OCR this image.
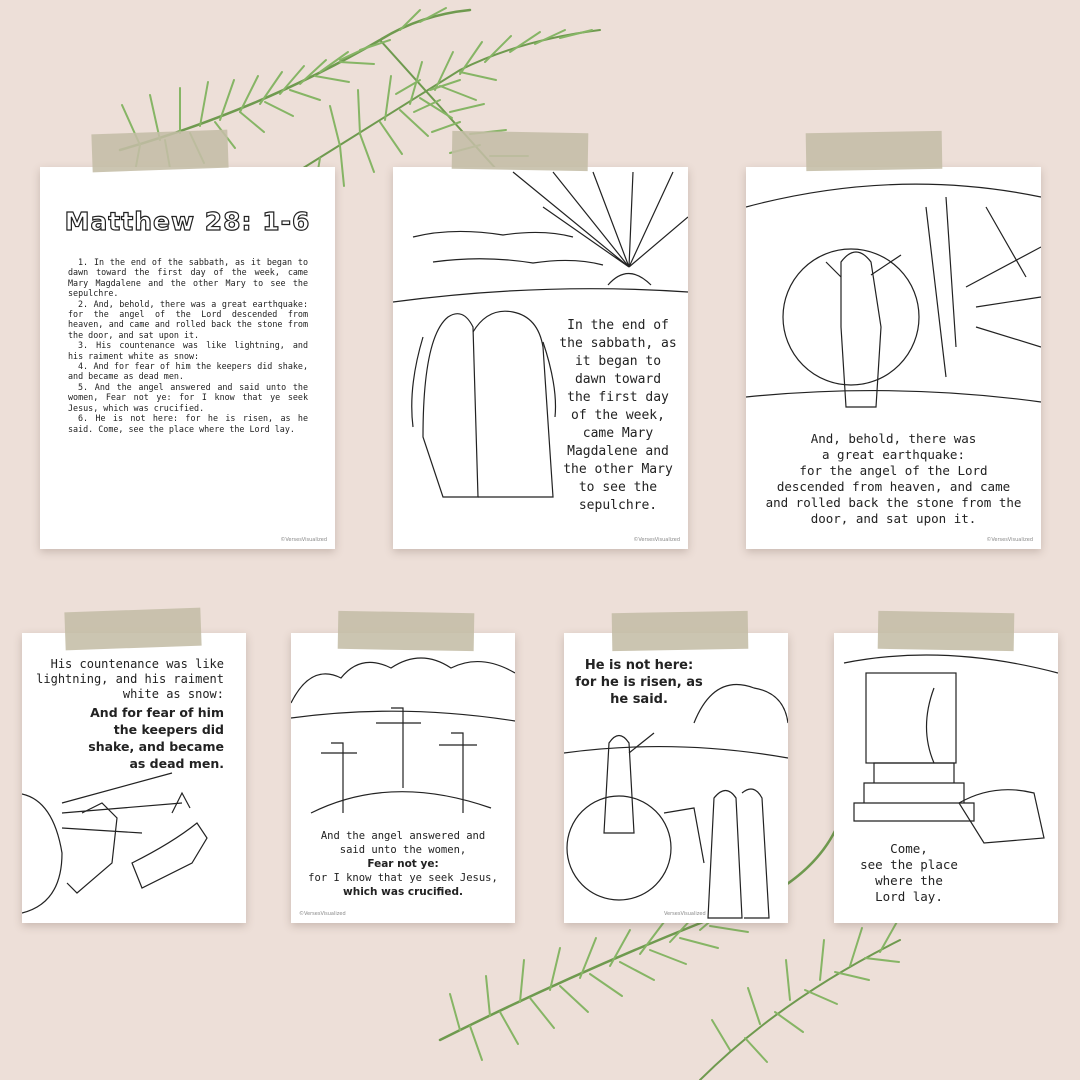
Matthew 28: 1-6

1. In the end of the sabbath, as it began to dawn toward the first day of the week, came Mary Magdalene and the other Mary to see the sepulchre.

2. And, behold, there was a great earthquake: for the angel of the Lord descended from heaven, and came and rolled back the stone from the door, and sat upon it.

3. His countenance was like lightning, and his raiment white as snow:

4. And for fear of him the keepers did shake, and became as dead men.

5. And the angel answered and said unto the women, Fear not ye: for I know that ye seek Jesus, which was crucified.

6. He is not here: for he is risen, as he said. Come, see the place where the Lord lay.

©VersesVisualized
In the end of
the sabbath, as
it began to
dawn toward
the first day
of the week,
came Mary
Magdalene and
the other Mary
to see the
sepulchre.
©VersesVisualized
And, behold, there was
a great earthquake:
for the angel of the Lord
descended from heaven, and came
and rolled back the stone from the
door, and sat upon it.
©VersesVisualized
His countenance was like
lightning, and his raiment
white as snow:
And for fear of him
the keepers did
shake, and became
as dead men.
And the angel answered and
said unto the women,
Fear not ye:
for I know that ye seek Jesus,
which was crucified.
©VersesVisualized
He is not here:
for he is risen, as
he said.
VersesVisualized
Come,
see the place
where the
Lord lay.
